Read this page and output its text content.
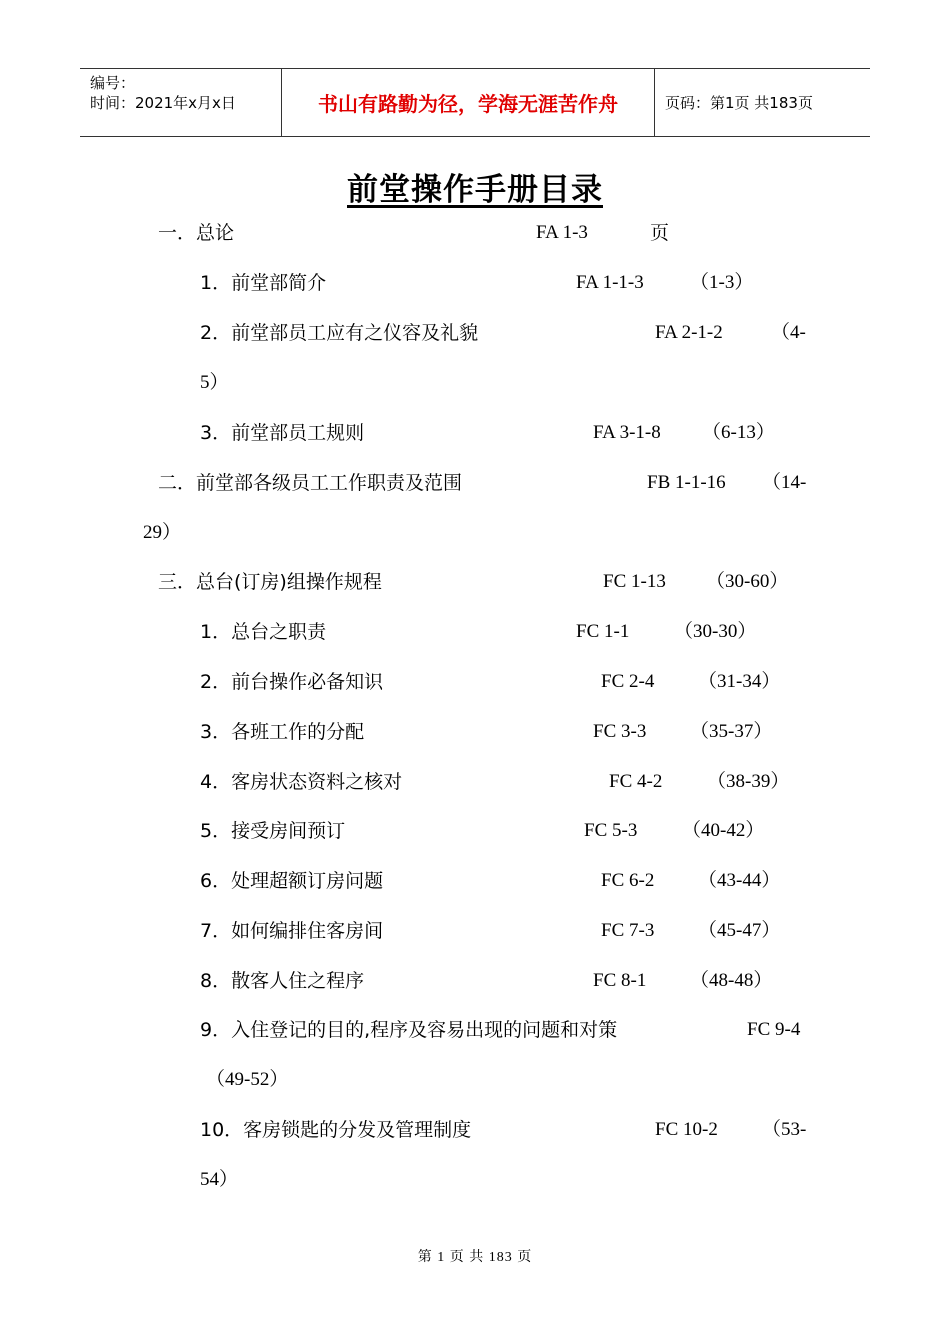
编号：
时间：2021年x月x日	书山有路勤为径，学海无涯苦作舟	页码：第1页 共183页
前堂操作手册目录
一．总论	FA 1-3	页
1．前堂部简介	FA 1-1-3 （1-3）
2．前堂部员工应有之仪容及礼貌	FA 2-1-2	（4-
5）
3．前堂部员工规则	FA 3-1-8 （6-13）
二．前堂部各级员工工作职责及范围	FB 1-1-16 （14-
29）
三．总台(订房)组操作规程	FC 1-13 （30-60）
1．总台之职责	FC 1-1 （30-30）
2．前台操作必备知识	FC 2-4 （31-34）
3．各班工作的分配	FC 3-3 （35-37）
4．客房状态资料之核对	FC 4-2 （38-39）
5．接受房间预订	FC 5-3 （40-42）
6．处理超额订房问题	FC 6-2 （43-44）
7．如何编排住客房间	FC 7-3 （45-47）
8．散客人住之程序	FC 8-1 （48-48）
9．入住登记的目的,程序及容易出现的问题和对策	FC 9-4
（49-52）
10．客房锁匙的分发及管理制度	FC 10-2 （53-
54）
第 1 页 共 183 页
